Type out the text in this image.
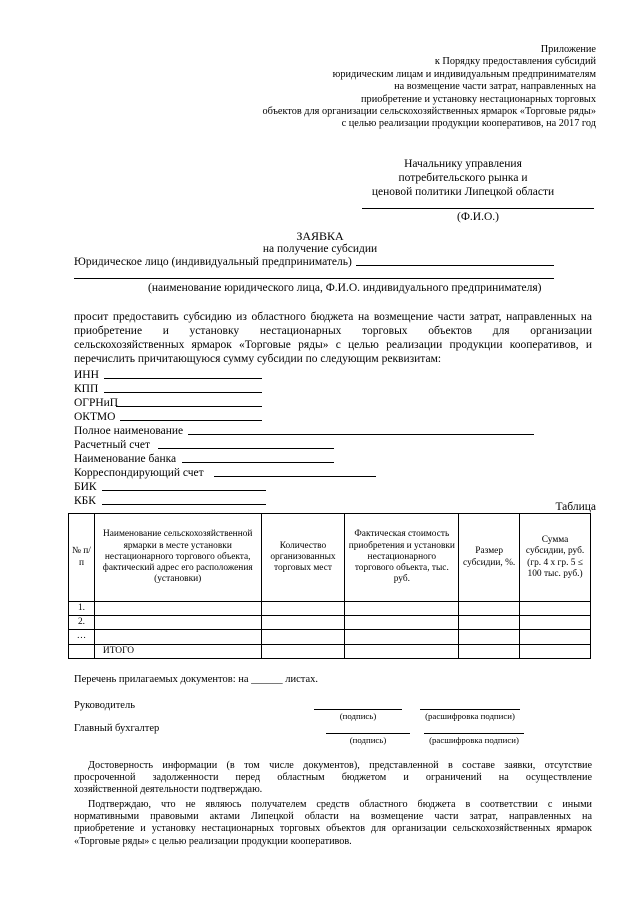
Приложение
к Порядку предоставления субсидий
юридическим лицам и индивидуальным предпринимателям
на возмещение части затрат, направленных на
приобретение и установку нестационарных торговых
объектов для организации сельскохозяйственных ярмарок «Торговые ряды»
с целью реализации продукции кооперативов, на 2017 год
Начальнику управления
потребительского рынка и
ценовой политики Липецкой области
(Ф.И.О.)
ЗАЯВКА
на получение субсидии
Юридическое лицо (индивидуальный предприниматель)
(наименование юридического лица, Ф.И.О. индивидуального предпринимателя)
просит предоставить субсидию из областного бюджета на возмещение части затрат, направленных на
приобретение и установку нестационарных торговых объектов для организации
сельскохозяйственных ярмарок «Торговые ряды» с целью реализации продукции кооперативов, и
перечислить причитающуюся сумму субсидии по следующим реквизитам:
ИНН
КПП
ОГРНиП
ОКТМО
Полное наименование
Расчетный счет
Наименование банка
Корреспондирующий счет
БИК
КБК	Таблица
№ п/п	Наименование сельскохозяйственной ярмарки в месте установки нестационарного торгового объекта, фактический адрес его расположения (установки)	Количество организованных торговых мест	Фактическая стоимость приобретения и установки нестационарного торгового объекта, тыс. руб.	Размер субсидии, %.	Сумма субсидии, руб. (гр. 4 х гр. 5 ≤ 100 тыс. руб.)
1.					
2.					
…					
	ИТОГО				
Перечень прилагаемых документов: на ______ листах.
Руководитель
(подпись)	(расшифровка подписи)
Главный бухгалтер
(подпись)	(расшифровка подписи)
Достоверность информации (в том числе документов), представленной в составе заявки, отсутствие
просроченной задолженности перед областным бюджетом и ограничений на осуществление
хозяйственной деятельности подтверждаю.
Подтверждаю, что не являюсь получателем средств областного бюджета в соответствии с иными
нормативными правовыми актами Липецкой области на возмещение части затрат, направленных на
приобретение и установку нестационарных торговых объектов для организации сельскохозяйственных ярмарок
«Торговые ряды» с целью реализации продукции кооперативов.
